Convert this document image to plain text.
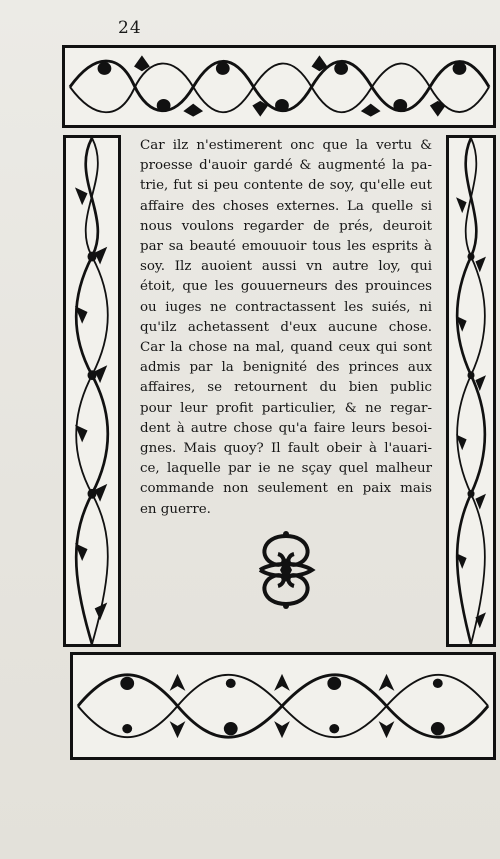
24
Car ilz n'estimerent onc que la vertu &
proesse d'auoir gardé & augmenté la pa-
trie, fut si peu contente de soy, qu'elle eut
affaire des choses externes. La quelle si
nous voulons regarder de prés, deuroit
par sa beauté emouuoir tous les esprits à
soy. Ilz auoient aussi vn autre loy, qui
étoit, que les gouuerneurs des prouinces
ou iuges ne contractassent les suiés, ni
qu'ilz achetassent d'eux aucune chose.
Car la chose na mal, quand ceux qui sont
admis par la benignité des princes aux
affaires, se retournent du bien public
pour leur profit particulier, & ne regar-
dent à autre chose qu'a faire leurs besoi-
gnes. Mais quoy? Il fault obeir à l'auari-
ce, laquelle par ie ne sçay quel malheur
commande non seulement en paix mais
en guerre.
